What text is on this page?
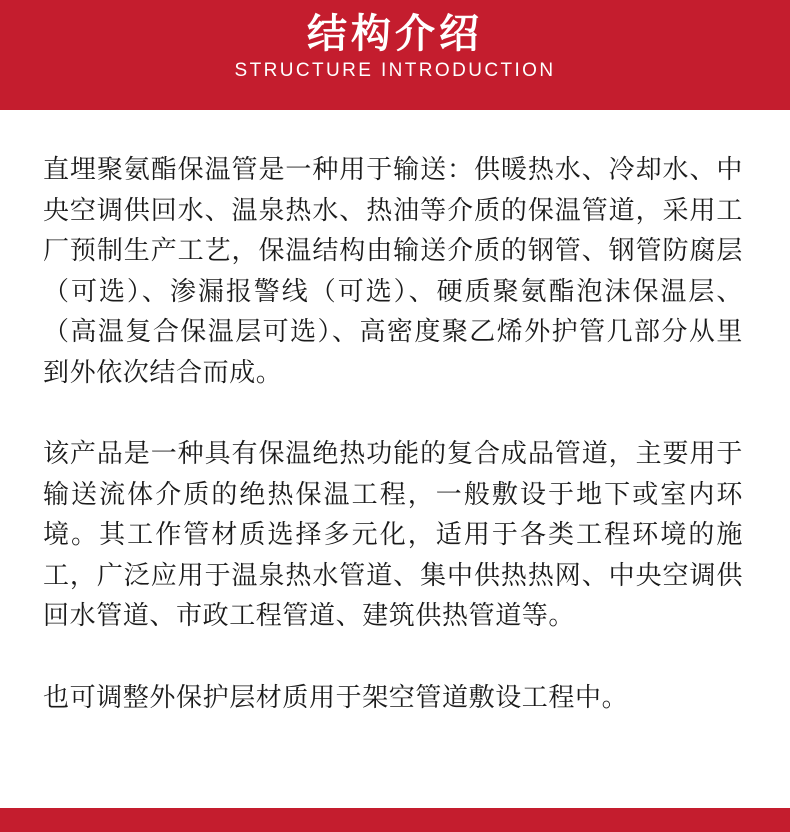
结构介绍
STRUCTURE INTRODUCTION

直埋聚氨酯保温管是一种用于输送：供暖热水、冷却水、中央空调供回水、温泉热水、热油等介质的保温管道，采用工厂预制生产工艺，保温结构由输送介质的钢管、钢管防腐层（可选）、渗漏报警线（可选）、硬质聚氨酯泡沫保温层、（高温复合保温层可选）、高密度聚乙烯外护管几部分从里到外依次结合而成。

该产品是一种具有保温绝热功能的复合成品管道，主要用于输送流体介质的绝热保温工程，一般敷设于地下或室内环境。其工作管材质选择多元化，适用于各类工程环境的施工，广泛应用于温泉热水管道、集中供热热网、中央空调供回水管道、市政工程管道、建筑供热管道等。

也可调整外保护层材质用于架空管道敷设工程中。
